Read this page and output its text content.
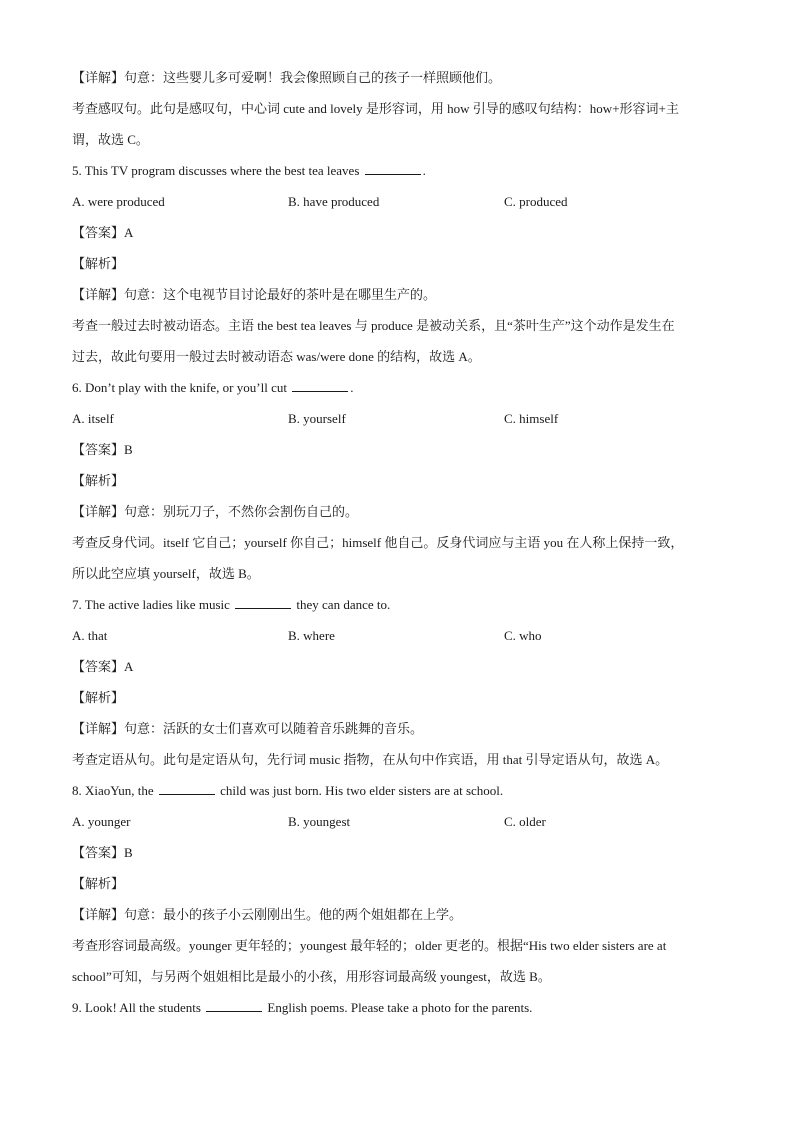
【详解】句意：这些婴儿多可爱啊！我会像照顾自己的孩子一样照顾他们。
考查感叹句。此句是感叹句，中心词 cute and lovely 是形容词，用 how 引导的感叹句结构：how+形容词+主
谓，故选 C。
5. This TV program discusses where the best tea leaves	.
A. were produced	B. have produced	C. produced
【答案】A
【解析】
【详解】句意：这个电视节目讨论最好的茶叶是在哪里生产的。
考查一般过去时被动语态。主语 the best tea leaves 与 produce 是被动关系，且“茶叶生产”这个动作是发生在
过去，故此句要用一般过去时被动语态 was/were done 的结构，故选 A。
6. Don’t play with the knife, or you’ll cut	.
A. itself	B. yourself	C. himself
【答案】B
【解析】
【详解】句意：别玩刀子，不然你会割伤自己的。
考查反身代词。itself 它自己；yourself 你自己；himself 他自己。反身代词应与主语 you 在人称上保持一致，
所以此空应填 yourself，故选 B。
7. The active ladies like music	they can dance to.
A. that	B. where	C. who
【答案】A
【解析】
【详解】句意：活跃的女士们喜欢可以随着音乐跳舞的音乐。
考查定语从句。此句是定语从句，先行词 music 指物，在从句中作宾语，用 that 引导定语从句，故选 A。
8. XiaoYun, the	child was just born. His two elder sisters are at school.
A. younger	B. youngest	C. older
【答案】B
【解析】
【详解】句意：最小的孩子小云刚刚出生。他的两个姐姐都在上学。
考查形容词最高级。younger 更年轻的；youngest 最年轻的；older 更老的。根据“His two elder sisters are at
school”可知，与另两个姐姐相比是最小的小孩，用形容词最高级 youngest，故选 B。
9. Look! All the students	English poems. Please take a photo for the parents.
